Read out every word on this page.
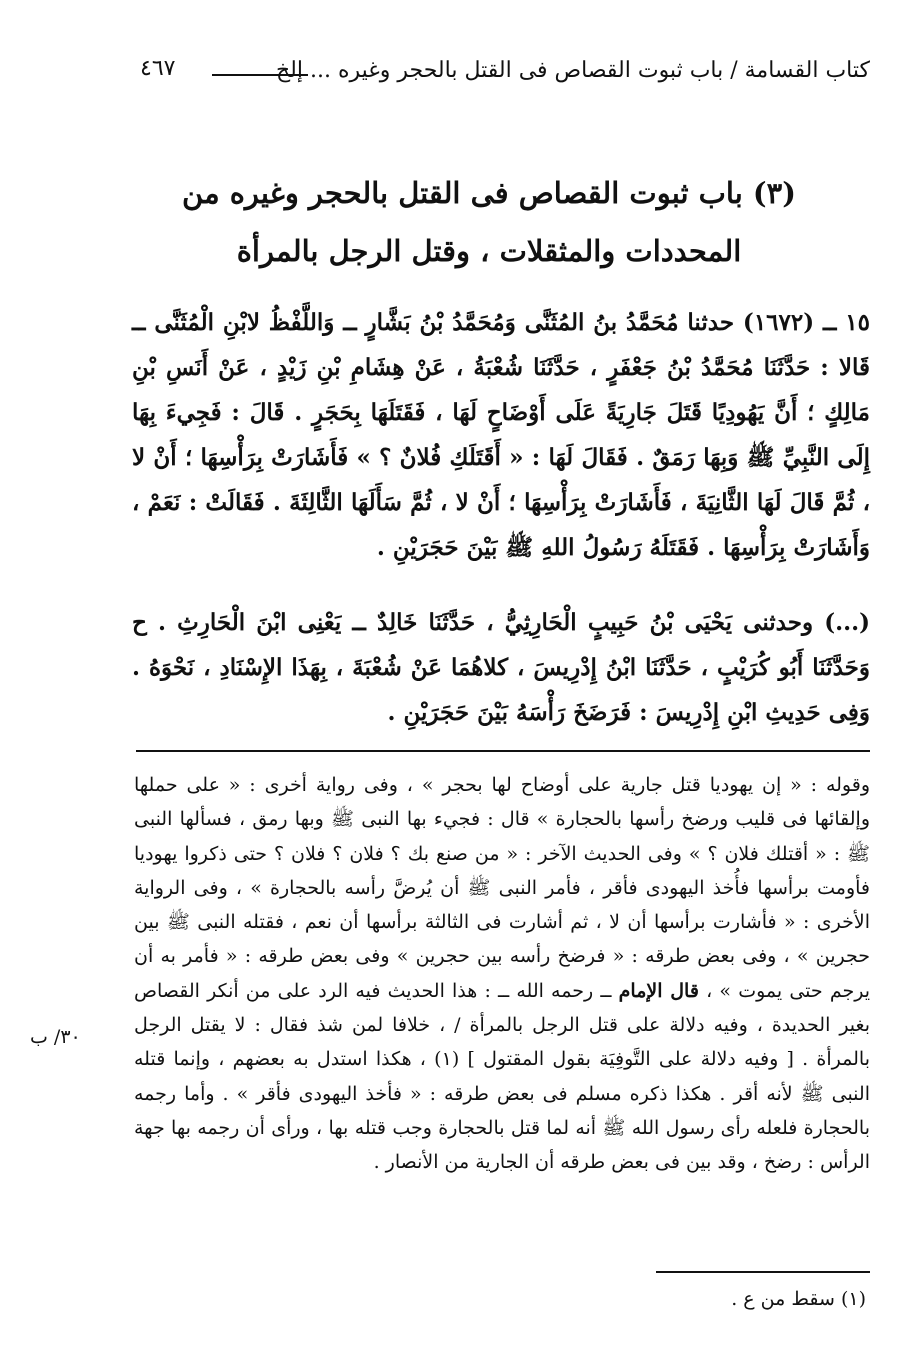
كتاب القسامة / باب ثبوت القصاص فى القتل بالحجر وغيره ... إلخ
٤٦٧
(٣) باب ثبوت القصاص فى القتل بالحجر وغيره من
المحددات والمثقلات ، وقتل الرجل بالمرأة

١٥ ــ (١٦٧٢) حدثنا مُحَمَّدُ بنُ المُثَنَّى وَمُحَمَّدُ بْنُ بَشَّارٍ ــ وَاللَّفْظُ لابْنِ الْمُثَنَّى ــ قَالا : حَدَّثَنَا مُحَمَّدُ بْنُ جَعْفَرٍ ، حَدَّثَنَا شُعْبَةُ ، عَنْ هِشَامِ بْنِ زَيْدٍ ، عَنْ أَنَسِ بْنِ مَالِكٍ ؛ أَنَّ يَهُودِيًا قَتَلَ جَارِيَةً عَلَى أَوْضَاحٍ لَهَا ، فَقَتَلَهَا بِحَجَرٍ . قَالَ : فَجِيءَ بِهَا إِلَى النَّبِيِّ ﷺ وَبِهَا رَمَقٌ . فَقَالَ لَهَا : « أَقَتَلَكِ فُلانٌ ؟ » فَأَشَارَتْ بِرَأْسِهَا ؛ أَنْ لا ، ثُمَّ قَالَ لَهَا الثَّانِيَةَ ، فَأَشَارَتْ بِرَأْسِهَا ؛ أَنْ لا ، ثُمَّ سَأَلَهَا الثَّالِثَةَ . فَقَالَتْ : نَعَمْ ، وَأَشَارَتْ بِرَأْسِهَا . فَقَتَلَهُ رَسُولُ اللهِ ﷺ بَيْنَ حَجَرَيْنِ .

(...) وحدثنى يَحْيَى بْنُ حَبِيبٍ الْحَارِثِيُّ ، حَدَّثَنَا خَالِدٌ ــ يَعْنِى ابْنَ الْحَارِثِ . ح وَحَدَّثَنَا أَبُو كُرَيْبٍ ، حَدَّثَنَا ابْنُ إِدْرِيسَ ، كلاهُمَا عَنْ شُعْبَةَ ، بِهَذَا الإِسْنَادِ ، نَحْوَهُ . وَفِى حَدِيثِ ابْنِ إِدْرِيسَ : فَرَضَخَ رَأْسَهُ بَيْنَ حَجَرَيْنِ .

وقوله : « إن يهوديا قتل جارية على أوضاح لها بحجر » ، وفى رواية أخرى : « على حملها وإلقائها فى قليب ورضخ رأسها بالحجارة » قال : فجيء بها النبى ﷺ وبها رمق ، فسألها النبى ﷺ : « أقتلك فلان ؟ » وفى الحديث الآخر : « من صنع بك ؟ فلان ؟ فلان ؟ حتى ذكروا يهوديا فأومت برأسها فأُخذ اليهودى فأقر ، فأمر النبى ﷺ أن يُرضَّ رأسه بالحجارة » ، وفى الرواية الأخرى : « فأشارت برأسها أن لا ، ثم أشارت فى الثالثة برأسها أن نعم ، فقتله النبى ﷺ بين حجرين » ، وفى بعض طرقه : « فرضخ رأسه بين حجرين » وفى بعض طرقه : « فأمر به أن يرجم حتى يموت » ، قال الإمام ــ رحمه الله ــ : هذا الحديث فيه الرد على من أنكر القصاص بغير الحديدة ، وفيه دلالة على قتل الرجل بالمرأة / ، خلافا لمن شذ فقال : لا يقتل الرجل بالمرأة . [ وفيه دلالة على التَّوفِيَة بقول المقتول ] (١) ، هكذا استدل به بعضهم ، وإنما قتله النبى ﷺ لأنه أقر . هكذا ذكره مسلم فى بعض طرقه : « فأخذ اليهودى فأقر » . وأما رجمه بالحجارة فلعله رأى رسول الله ﷺ أنه لما قتل بالحجارة وجب قتله بها ، ورأى أن رجمه بها جهة الرأس : رضخ ، وقد بين فى بعض طرقه أن الجارية من الأنصار .

٣٠/ ب
(١) سقط من ع .
